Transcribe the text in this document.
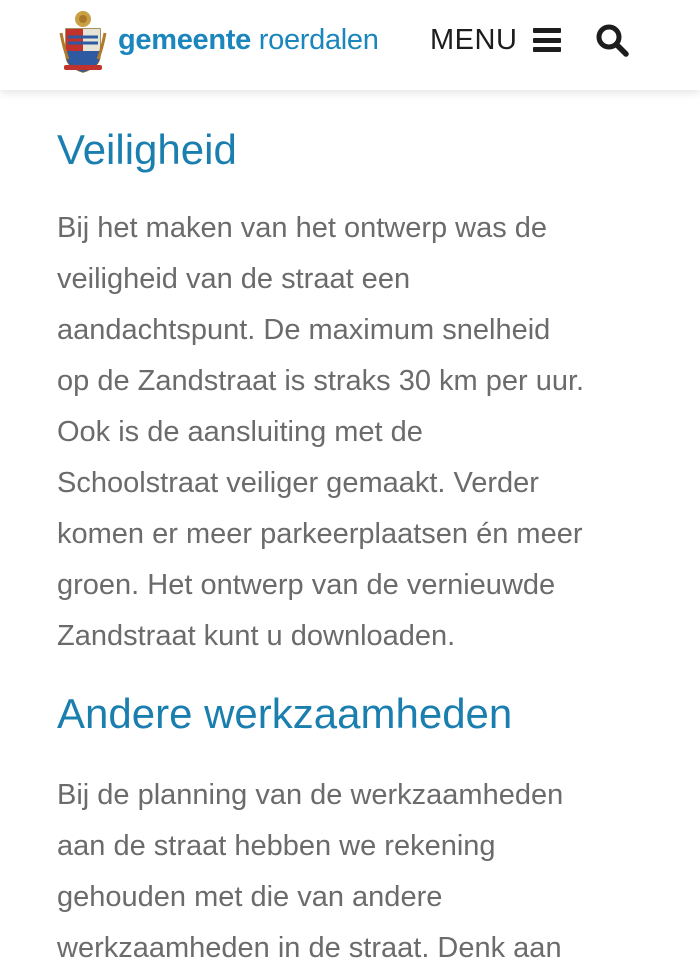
gemeente roerdalen MENU
Veiligheid

Bij het maken van het ontwerp was de
veiligheid van de straat een
aandachtspunt. De maximum snelheid
op de Zandstraat is straks 30 km per uur.
Ook is de aansluiting met de
Schoolstraat veiliger gemaakt. Verder
komen er meer parkeerplaatsen én meer
groen. Het ontwerp van de vernieuwde
Zandstraat kunt u downloaden.

Andere werkzaamheden

Bij de planning van de werkzaamheden
aan de straat hebben we rekening
gehouden met die van andere
werkzaamheden in de straat. Denk aan
